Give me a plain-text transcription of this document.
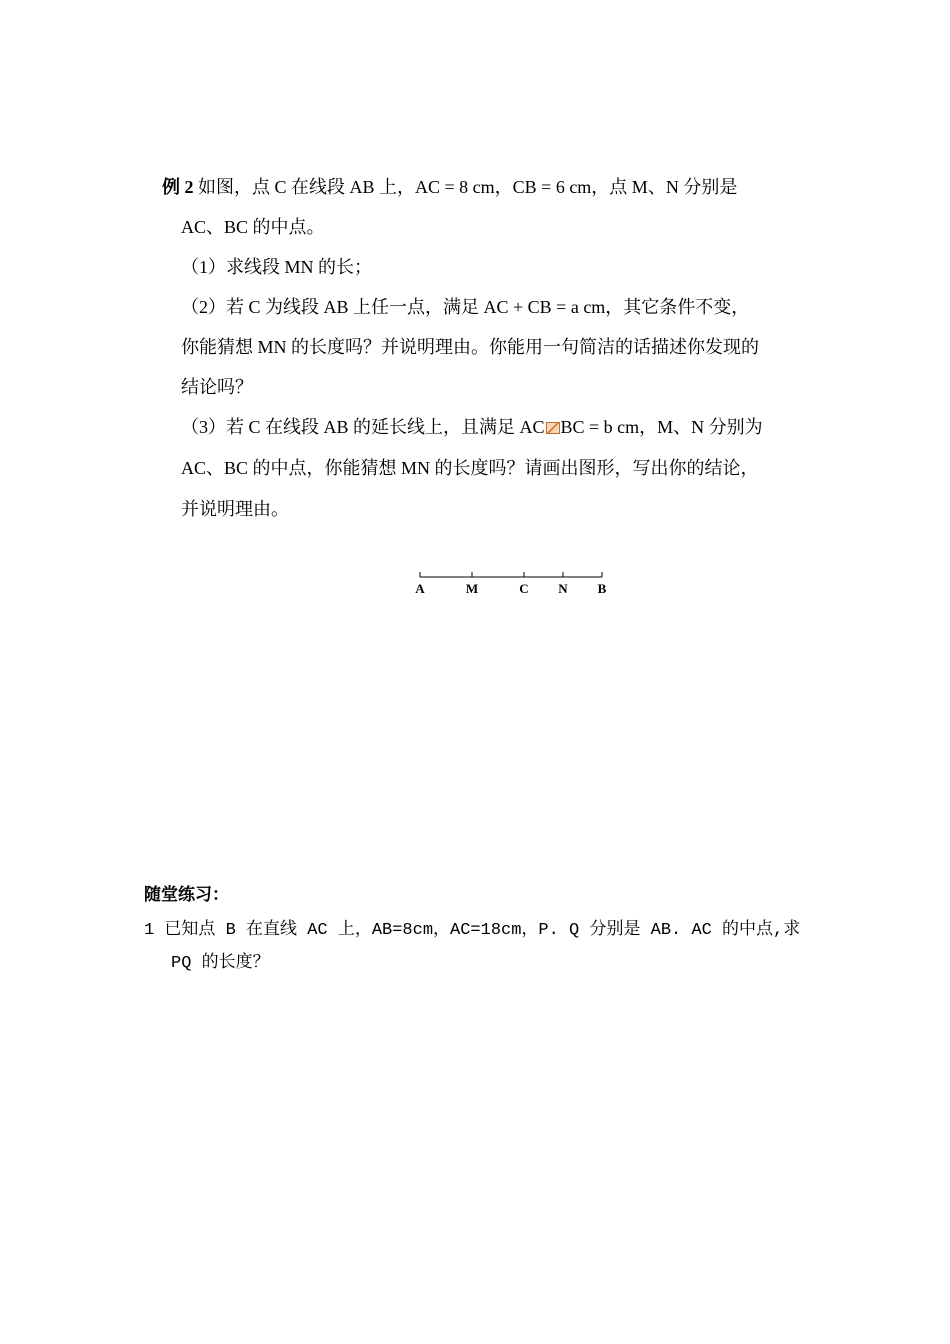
例 2 如图，点 C 在线段 AB 上，AC = 8 cm，CB = 6 cm，点 M、N 分别是
AC、BC 的中点。
（1）求线段 MN 的长；
（2）若 C 为线段 AB 上任一点，满足 AC + CB = a cm，其它条件不变，
你能猜想 MN 的长度吗？并说明理由。你能用一句简洁的话描述你发现的
结论吗？
（3）若 C 在线段 AB 的延长线上，且满足 AC BC = b cm，M、N 分别为
AC、BC 的中点，你能猜想 MN 的长度吗？请画出图形，写出你的结论，
并说明理由。
A	M	C N B
随堂练习：
1 已知点 B 在直线 AC 上，AB=8cm，AC=18cm，P. Q 分别是 AB. AC 的中点,求
PQ 的长度？
